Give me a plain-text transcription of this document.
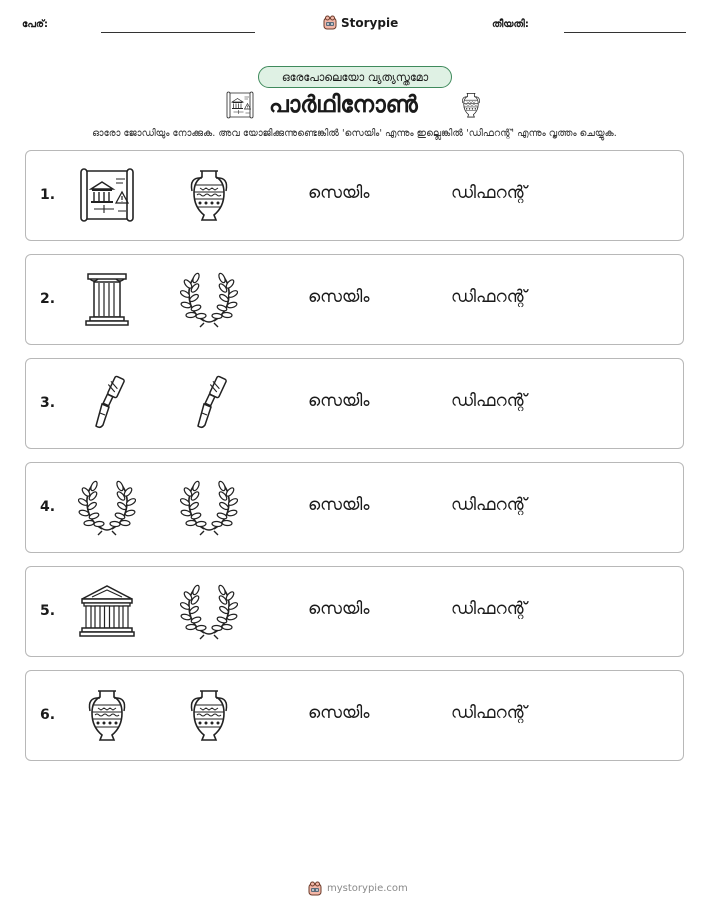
പേര്:	Storypie	തീയതി:
ഒരേപോലെയോ വ്യത്യസ്തമോ
പാർഥിനോൺ
ഓരോ ജോഡിയും നോക്കുക. അവ യോജിക്കുന്നുണ്ടെങ്കിൽ 'സെയിം' എന്നും ഇല്ലെങ്കിൽ 'ഡിഫറന്റ്' എന്നും വൃത്തം ചെയ്യുക.
1.	സെയിം	ഡിഫറന്റ്
2.	സെയിം	ഡിഫറന്റ്
3.	സെയിം	ഡിഫറന്റ്
4.	സെയിം	ഡിഫറന്റ്
5.	സെയിം	ഡിഫറന്റ്
6.	സെയിം	ഡിഫറന്റ്
mystorypie.com
